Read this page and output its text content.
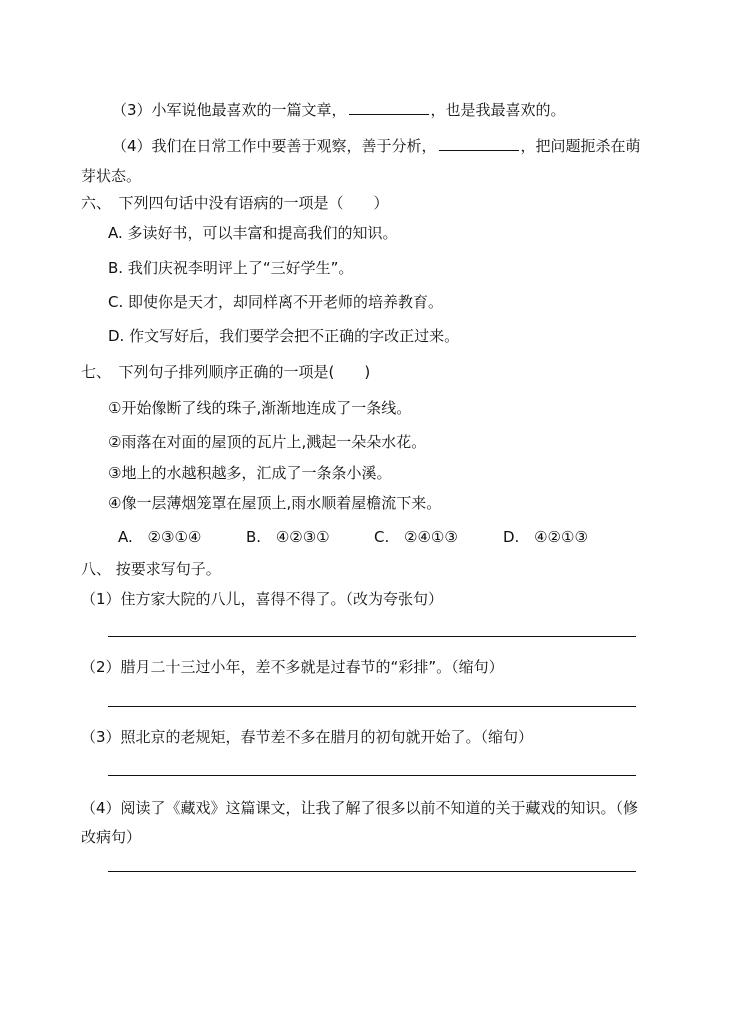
（3）小军说他最喜欢的一篇文章，	，也是我最喜欢的。
（4）我们在日常工作中要善于观察，善于分析，	，把问题扼杀在萌
芽状态。
六、　下列四句话中没有语病的一项是（　　）
A. 多读好书，可以丰富和提高我们的知识。
B. 我们庆祝李明评上了“三好学生”。
C. 即使你是天才，却同样离不开老师的培养教育。
D. 作文写好后，我们要学会把不正确的字改正过来。
七、　下列句子排列顺序正确的一项是(　　)
①开始像断了线的珠子,渐渐地连成了一条线。
②雨落在对面的屋顶的瓦片上,溅起一朵朵水花。
③地上的水越积越多，汇成了一条条小溪。
④像一层薄烟笼罩在屋顶上,雨水顺着屋檐流下来。
A. ②③①④	B. ④②③①	C. ②④①③	D. ④②①③
八、 按要求写句子。
（1）住方家大院的八儿，喜得不得了。（改为夸张句）
（2）腊月二十三过小年，差不多就是过春节的“彩排”。（缩句）
（3）照北京的老规矩，春节差不多在腊月的初旬就开始了。（缩句）
（4）阅读了《藏戏》这篇课文，让我了解了很多以前不知道的关于藏戏的知识。（修
改病句）
